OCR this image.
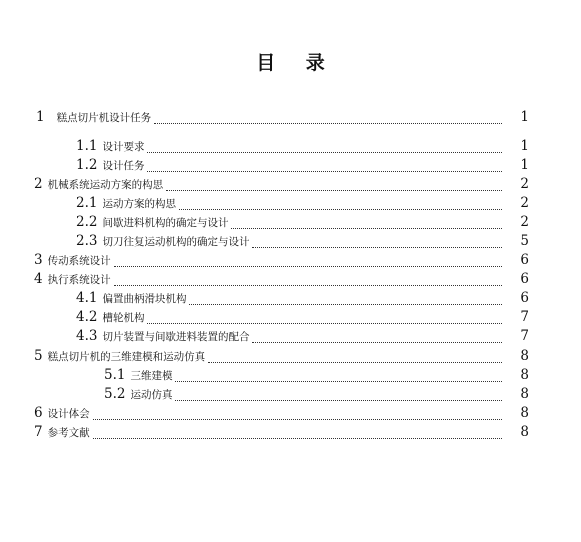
目 录
1 糕点切片机设计任务	1
1.1 设计要求	1
1.2 设计任务	1
2 机械系统运动方案的构思	2
2.1 运动方案的构思	2
2.2 间歇进料机构的确定与设计	2
2.3 切刀往复运动机构的确定与设计	5
3 传动系统设计	6
4 执行系统设计	6
4.1 偏置曲柄滑块机构	6
4.2 槽轮机构	7
4.3 切片装置与间歇进料装置的配合	7
5 糕点切片机的三维建模和运动仿真	8
5.1 三维建模	8
5.2 运动仿真	8
6 设计体会	8
7 参考文献	8
